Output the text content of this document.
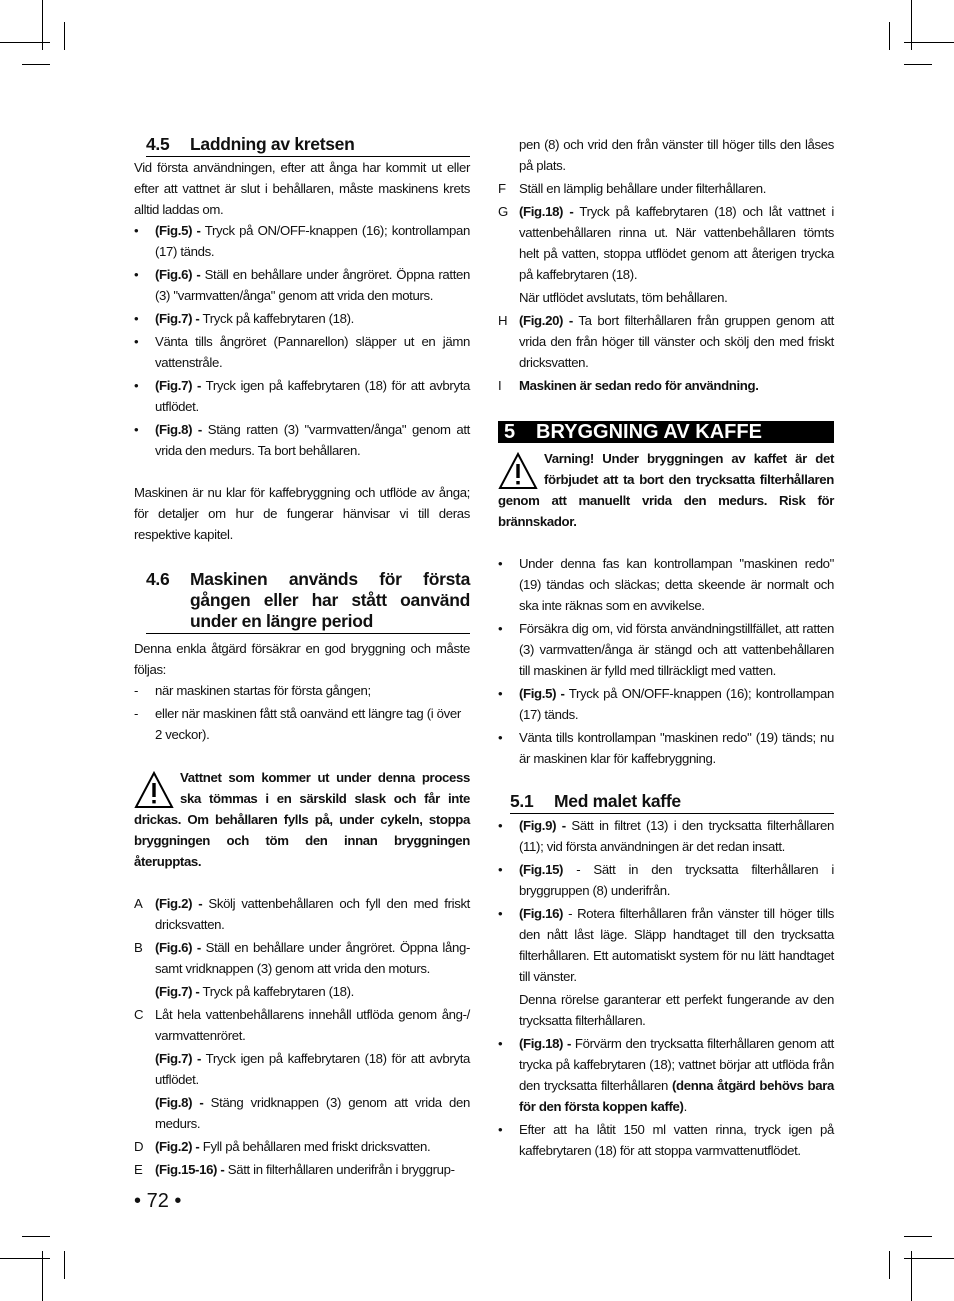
4.5	Laddning av kretsen

Vid första användningen, efter att ånga har kommit ut eller efter att vattnet är slut i behållaren, måste maskinens krets alltid laddas om.

•	(Fig.5) - Tryck på ON/OFF-knappen (16); kontrollampan (17) tänds.
•	(Fig.6) - Ställ en behållare under ångröret. Öppna ratten (3) "varmvatten/ånga" genom att vrida den moturs.
•	(Fig.7) - Tryck på kaffebrytaren (18).
•	Vänta tills ångröret (Pannarellon) släpper ut en jämn vattenstråle.
•	(Fig.7) - Tryck igen på kaffebrytaren (18) för att avbryta utflödet.
•	(Fig.8) - Stäng ratten (3) "varmvatten/ånga" genom att vrida den medurs. Ta bort behållaren.

Maskinen är nu klar för kaffebryggning och utflöde av ånga; för detaljer om hur de fungerar hänvisar vi till deras respektive kapitel.

4.6	Maskinen används för första gången eller har stått oanvänd under en längre period

Denna enkla åtgärd försäkrar en god bryggning och måste följas:

-	när maskinen startas för första gången;
-	eller när maskinen fått stå oanvänd ett längre tag (i över 2 veckor).
Vattnet som kommer ut under denna process ska tömmas i en särskild slask och får inte drickas. Om behållaren fylls på, under cykeln, stoppa bryggningen och töm den innan bryggningen återupptas.
A (Fig.2) - Skölj vattenbehållaren och fyll den med friskt dricksvatten.
B (Fig.6) - Ställ en behållare under ångröret. Öppna lång- samt vridknappen (3) genom att vrida den moturs.
(Fig.7) - Tryck på kaffebrytaren (18).
C Låt hela vattenbehållarens innehåll utflöda genom ång-/ varmvattenröret.
(Fig.7) - Tryck igen på kaffebrytaren (18) för att avbryta utflödet.
(Fig.8) - Stäng vridknappen (3) genom att vrida den medurs.
D (Fig.2) - Fyll på behållaren med friskt dricksvatten.
E (Fig.15-16) - Sätt in filterhållaren underifrån i bryggrup-
pen (8) och vrid den från vänster till höger tills den låses på plats.
F	Ställ en lämplig behållare under filterhållaren.
G (Fig.18) - Tryck på kaffebrytaren (18) och låt vattnet i vattenbehållaren rinna ut. När vattenbehållaren tömts helt på vatten, stoppa utflödet genom att återigen trycka på kaffebrytaren (18).
När utflödet avslutats, töm behållaren.
H (Fig.20) - Ta bort filterhållaren från gruppen genom att vrida den från höger till vänster och skölj den med friskt dricksvatten.
I	Maskinen är sedan redo för användning.
5	BRYGGNING AV KAFFE
Varning! Under bryggningen av kaffet är det förbjudet att ta bort den trycksatta filterhållaren genom att manuellt vrida den medurs. Risk för brännskador.
•	Under denna fas kan kontrollampan "maskinen redo" (19) tändas och släckas; detta skeende är normalt och ska inte räknas som en avvikelse.
•	Försäkra dig om, vid första användningstillfället, att ratten (3) varmvatten/ånga är stängd och att vattenbehållaren till maskinen är fylld med tillräckligt med vatten.
•	(Fig.5) - Tryck på ON/OFF-knappen (16); kontrollampan (17) tänds.
•	Vänta tills kontrollampan "maskinen redo" (19) tänds; nu är maskinen klar för kaffebryggning.
5.1	Med malet kaffe
•	(Fig.9) - Sätt in filtret (13) i den trycksatta filterhållaren (11); vid första användningen är det redan insatt.
•	(Fig.15) - Sätt in den trycksatta filterhållaren i bryggruppen (8) underifrån.
•	(Fig.16) - Rotera filterhållaren från vänster till höger tills den nått låst läge. Släpp handtaget till den trycksatta filterhållaren. Ett automatiskt system för nu lätt handtaget till vänster.
Denna rörelse garanterar ett perfekt fungerande av den trycksatta filterhållaren.
•	(Fig.18) - Förvärm den trycksatta filterhållaren genom att trycka på kaffebrytaren (18); vattnet börjar att utflöda från den trycksatta filterhållaren (denna åtgärd behövs bara för den första koppen kaffe).
•	Efter att ha låtit 150 ml vatten rinna, tryck igen på kaffebrytaren (18) för att stoppa varmvattenutflödet.
• 72 •
